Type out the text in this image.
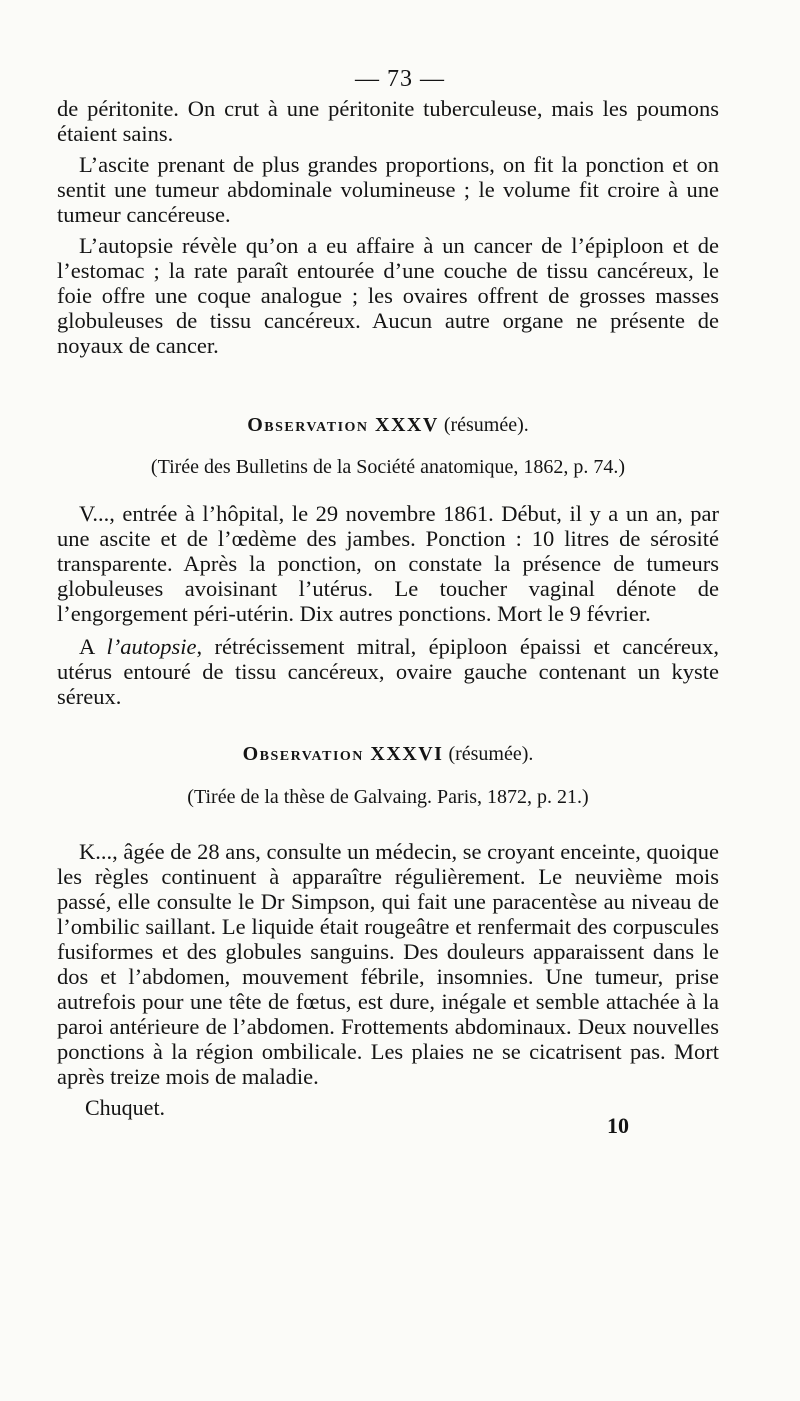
— 73 —

de péritonite. On crut à une péritonite tuberculeuse, mais les poumons étaient sains.

L’ascite prenant de plus grandes proportions, on fit la ponction et on sentit une tumeur abdominale volumineuse ; le volume fit croire à une tumeur cancéreuse.

L’autopsie révèle qu’on a eu affaire à un cancer de l’épiploon et de l’estomac ; la rate paraît entourée d’une couche de tissu cancéreux, le foie offre une coque analogue ; les ovaires offrent de grosses masses globuleuses de tissu cancéreux. Aucun autre organe ne présente de noyaux de cancer.

Observation XXXV (résumée).

(Tirée des Bulletins de la Société anatomique, 1862, p. 74.)

V..., entrée à l’hôpital, le 29 novembre 1861. Début, il y a un an, par une ascite et de l’œdème des jambes. Ponction : 10 litres de sérosité transparente. Après la ponction, on constate la présence de tumeurs globuleuses avoisinant l’utérus. Le toucher vaginal dénote de l’engorgement péri-utérin. Dix autres ponctions. Mort le 9 février.

A l’autopsie, rétrécissement mitral, épiploon épaissi et cancéreux, utérus entouré de tissu cancéreux, ovaire gauche contenant un kyste séreux.

Observation XXXVI (résumée).

(Tirée de la thèse de Galvaing. Paris, 1872, p. 21.)

K..., âgée de 28 ans, consulte un médecin, se croyant enceinte, quoique les règles continuent à apparaître régulièrement. Le neuvième mois passé, elle consulte le Dr Simpson, qui fait une paracentèse au niveau de l’ombilic saillant. Le liquide était rougeâtre et renfermait des corpuscules fusiformes et des globules sanguins. Des douleurs apparaissent dans le dos et l’abdomen, mouvement fébrile, insomnies. Une tumeur, prise autrefois pour une tête de fœtus, est dure, inégale et semble attachée à la paroi antérieure de l’abdomen. Frottements abdominaux. Deux nouvelles ponctions à la région ombilicale. Les plaies ne se cicatrisent pas. Mort après treize mois de maladie.

Chuquet.
10
